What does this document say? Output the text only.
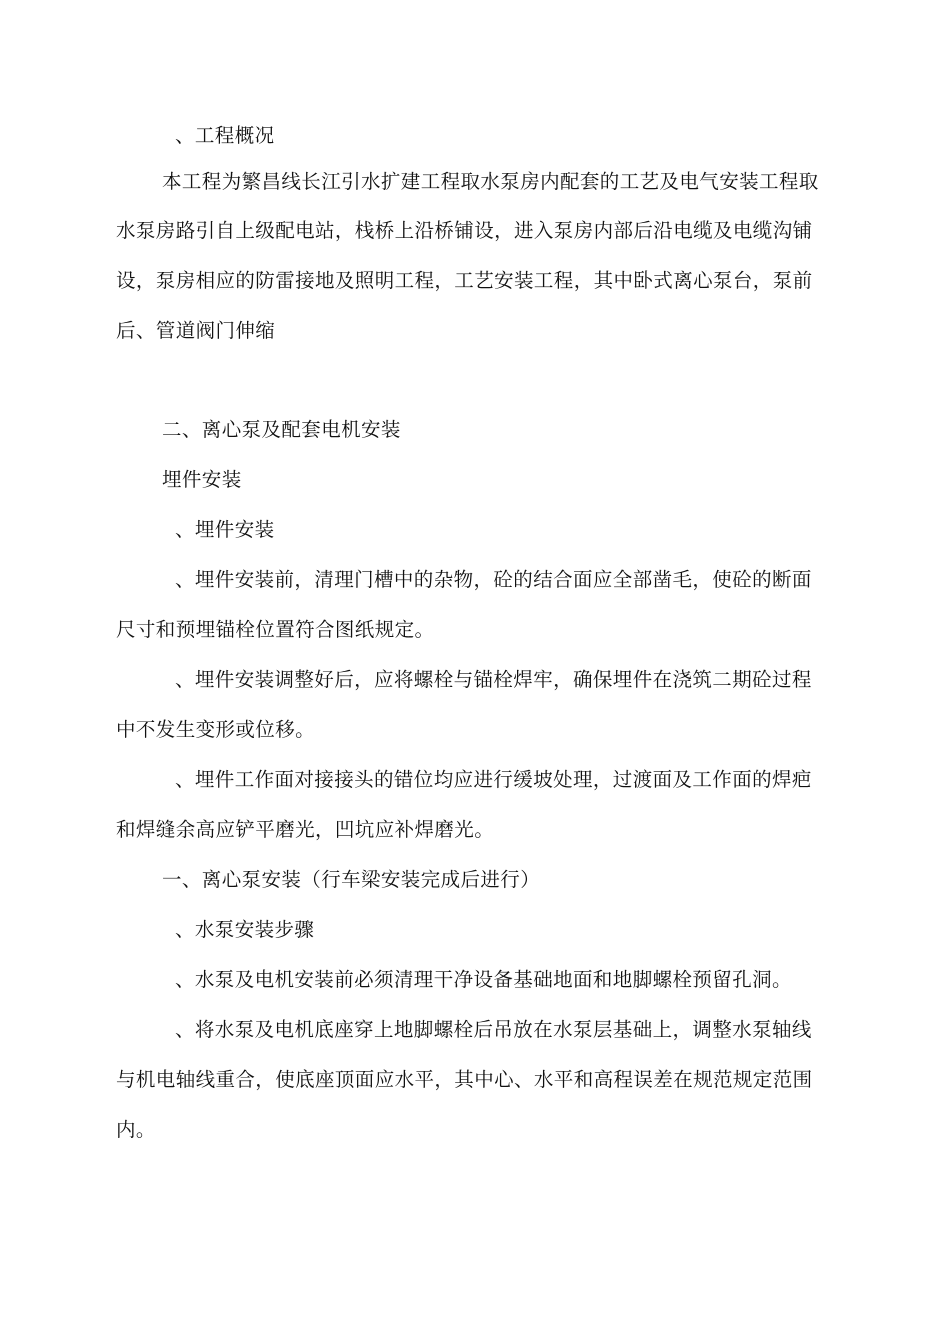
、工程概况
本工程为繁昌线长江引水扩建工程取水泵房内配套的工艺及电气安装工程取
水泵房路引自上级配电站，栈桥上沿桥铺设，进入泵房内部后沿电缆及电缆沟铺
设，泵房相应的防雷接地及照明工程，工艺安装工程，其中卧式离心泵台，泵前
后、管道阀门伸缩
二、离心泵及配套电机安装
埋件安装
、埋件安装
、埋件安装前，清理门槽中的杂物，砼的结合面应全部凿毛，使砼的断面
尺寸和预埋锚栓位置符合图纸规定。
、埋件安装调整好后，应将螺栓与锚栓焊牢，确保埋件在浇筑二期砼过程
中不发生变形或位移。
、埋件工作面对接接头的错位均应进行缓坡处理，过渡面及工作面的焊疤
和焊缝余高应铲平磨光，凹坑应补焊磨光。
一、离心泵安装（行车梁安装完成后进行）
、水泵安装步骤
、水泵及电机安装前必须清理干净设备基础地面和地脚螺栓预留孔洞。
、将水泵及电机底座穿上地脚螺栓后吊放在水泵层基础上，调整水泵轴线
与机电轴线重合，使底座顶面应水平，其中心、水平和高程误差在规范规定范围
内。
